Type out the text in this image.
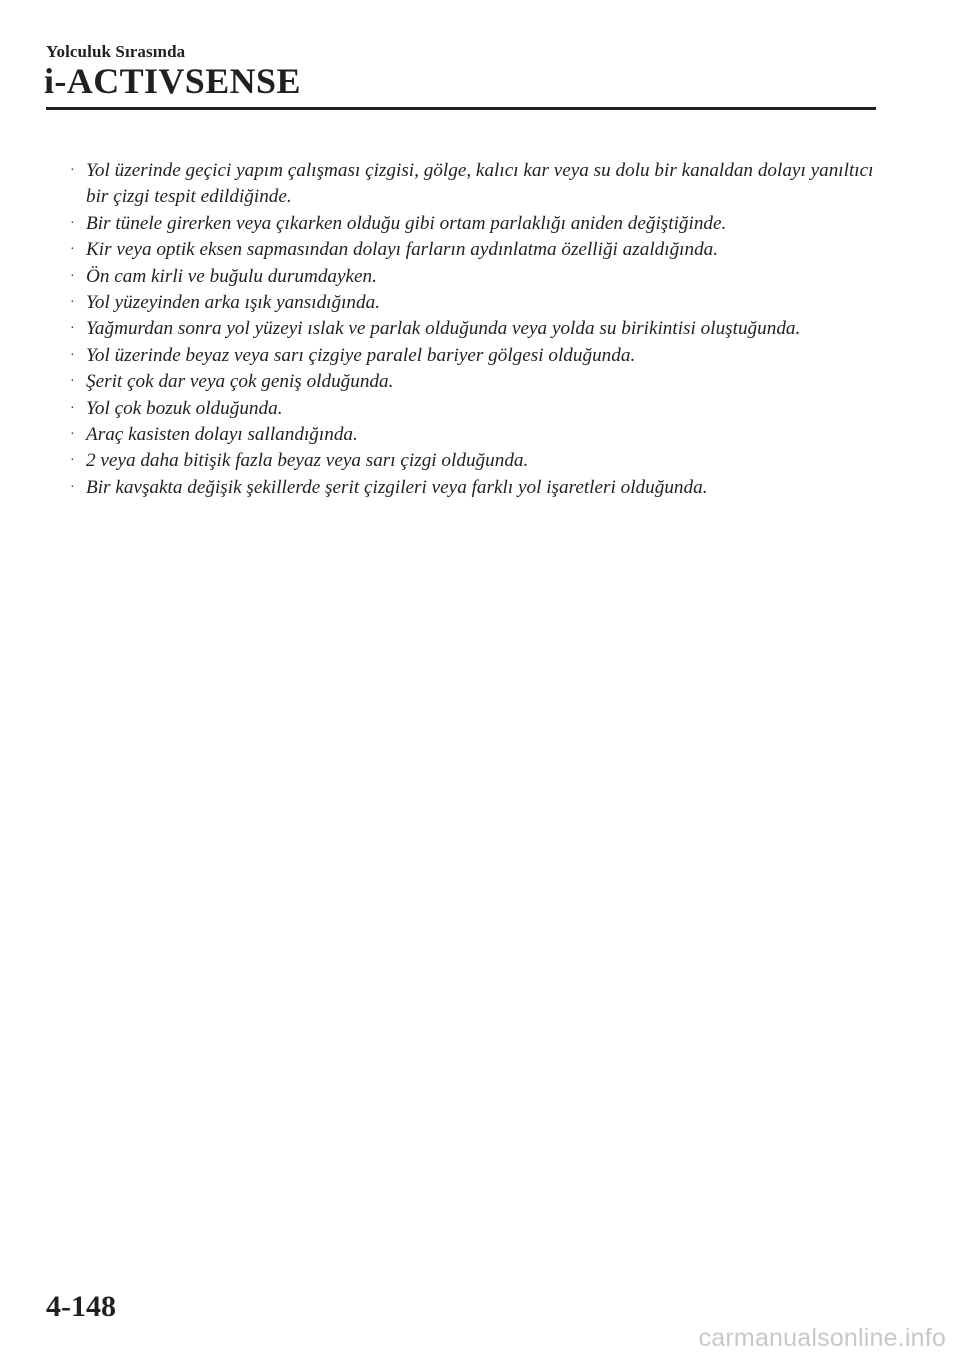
Yolculuk Sırasında
i-ACTIVSENSE
· Yol üzerinde geçici yapım çalışması çizgisi, gölge, kalıcı kar veya su dolu bir kanaldan dolayı yanıltıcı bir çizgi tespit edildiğinde.
· Bir tünele girerken veya çıkarken olduğu gibi ortam parlaklığı aniden değiştiğinde.
· Kir veya optik eksen sapmasından dolayı farların aydınlatma özelliği azaldığında.
· Ön cam kirli ve buğulu durumdayken.
· Yol yüzeyinden arka ışık yansıdığında.
· Yağmurdan sonra yol yüzeyi ıslak ve parlak olduğunda veya yolda su birikintisi oluştuğunda.
· Yol üzerinde beyaz veya sarı çizgiye paralel bariyer gölgesi olduğunda.
· Şerit çok dar veya çok geniş olduğunda.
· Yol çok bozuk olduğunda.
· Araç kasisten dolayı sallandığında.
· 2 veya daha bitişik fazla beyaz veya sarı çizgi olduğunda.
· Bir kavşakta değişik şekillerde şerit çizgileri veya farklı yol işaretleri olduğunda.
4-148
carmanualsonline.info
